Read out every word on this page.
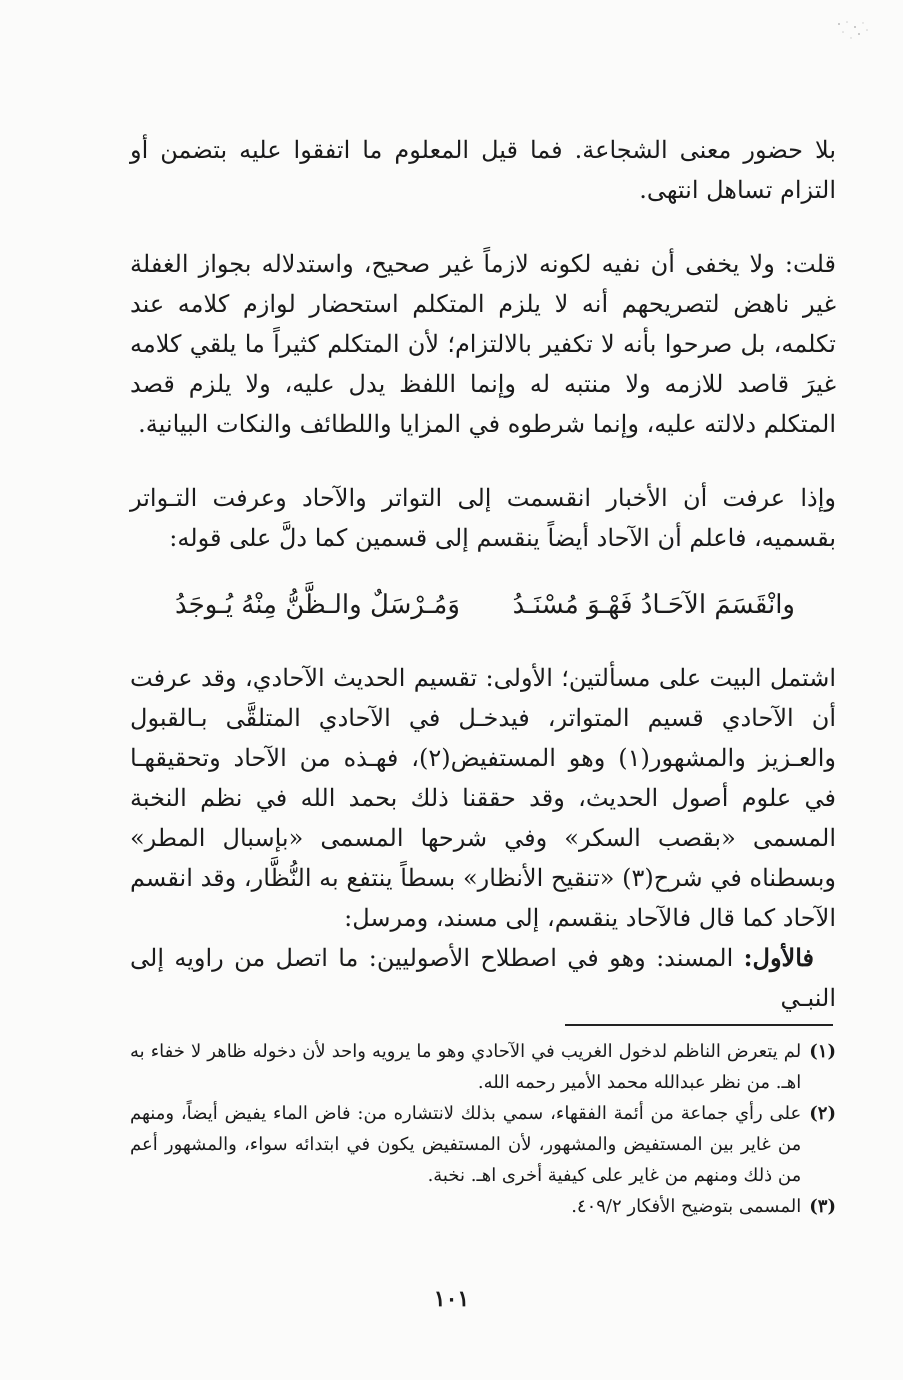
بلا حضور معنى الشجاعة. فما قيل المعلوم ما اتفقوا عليه بتضمن أو التزام تساهل انتهى.

قلت: ولا يخفى أن نفيه لكونه لازماً غير صحيح، واستدلاله بجواز الغفلة غير ناهض لتصريحهم أنه لا يلزم المتكلم استحضار لوازم كلامه عند تكلمه، بل صرحوا بأنه لا تكفير بالالتزام؛ لأن المتكلم كثيراً ما يلقي كلامه غيرَ قاصد للازمه ولا منتبه له وإنما اللفظ يدل عليه، ولا يلزم قصد المتكلم دلالته عليه، وإنما شرطوه في المزايا واللطائف والنكات البيانية.

وإذا عرفت أن الأخبار انقسمت إلى التواتر والآحاد وعرفت التـواتر بقسميه، فاعلم أن الآحاد أيضاً ينقسم إلى قسمين كما دلَّ على قوله:

وانْقَسَمَ الآحَـادُ فَهْـوَ مُسْنَـدُ
وَمُـرْسَلٌ والـظَّنُّ مِنْهُ يُـوجَدُ

اشتمل البيت على مسألتين؛ الأولى: تقسيم الحديث الآحادي، وقد عرفت أن الآحادي قسيم المتواتر، فيدخـل في الآحادي المتلقَّى بـالقبول والعـزيز والمشهور(١) وهو المستفيض(٢)، فهـذه من الآحاد وتحقيقهـا في علوم أصول الحديث، وقد حققنا ذلك بحمد الله في نظم النخبة المسمى «بقصب السكر» وفي شرحها المسمى «بإسبال المطر» وبسطناه في شرح(٣) «تنقيح الأنظار» بسطاً ينتفع به النُّظَّار، وقد انقسم الآحاد كما قال فالآحاد ينقسم، إلى مسند، ومرسل:

فالأول: المسند: وهو في اصطلاح الأصوليين: ما اتصل من راويه إلى النبـي

(١)
لم يتعرض الناظم لدخول الغريب في الآحادي وهو ما يرويه واحد لأن دخوله ظاهر لا خفاء به اهـ. من نظر عبدالله محمد الأمير رحمه الله.
(٢)
على رأي جماعة من أئمة الفقهاء، سمي بذلك لانتشاره من: فاض الماء يفيض أيضاً، ومنهم من غاير بين المستفيض والمشهور، لأن المستفيض يكون في ابتدائه سواء، والمشهور أعم من ذلك ومنهم من غاير على كيفية أخرى اهـ. نخبة.
(٣)
المسمى بتوضيح الأفكار ٤٠٩/٢.
١٠١
